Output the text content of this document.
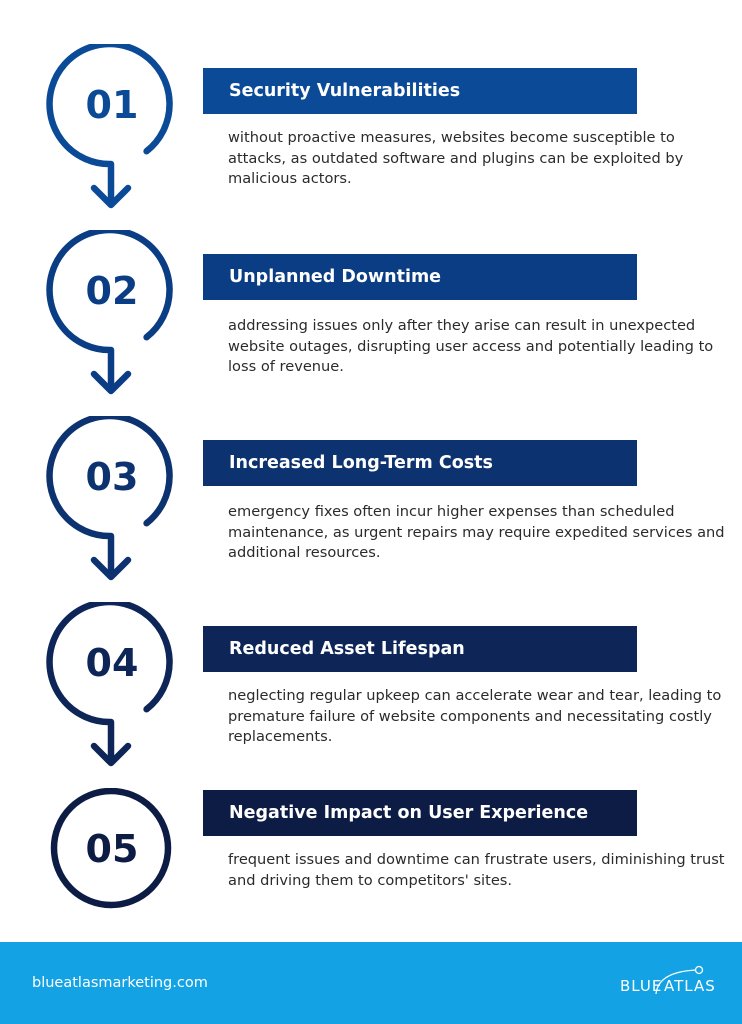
01	Security Vulnerabilities
without proactive measures, websites become susceptible to attacks, as outdated software and plugins can be exploited by malicious actors.
02	Unplanned Downtime
addressing issues only after they arise can result in unexpected website outages, disrupting user access and potentially leading to loss of revenue.
03	Increased Long-Term Costs
emergency fixes often incur higher expenses than scheduled maintenance, as urgent repairs may require expedited services and additional resources.
04	Reduced Asset Lifespan
neglecting regular upkeep can accelerate wear and tear, leading to premature failure of website components and necessitating costly replacements.
05
Negative Impact on User Experience
frequent issues and downtime can frustrate users, diminishing trust and driving them to competitors' sites.
blueatlasmarketing.com	BLUE ATLAS
